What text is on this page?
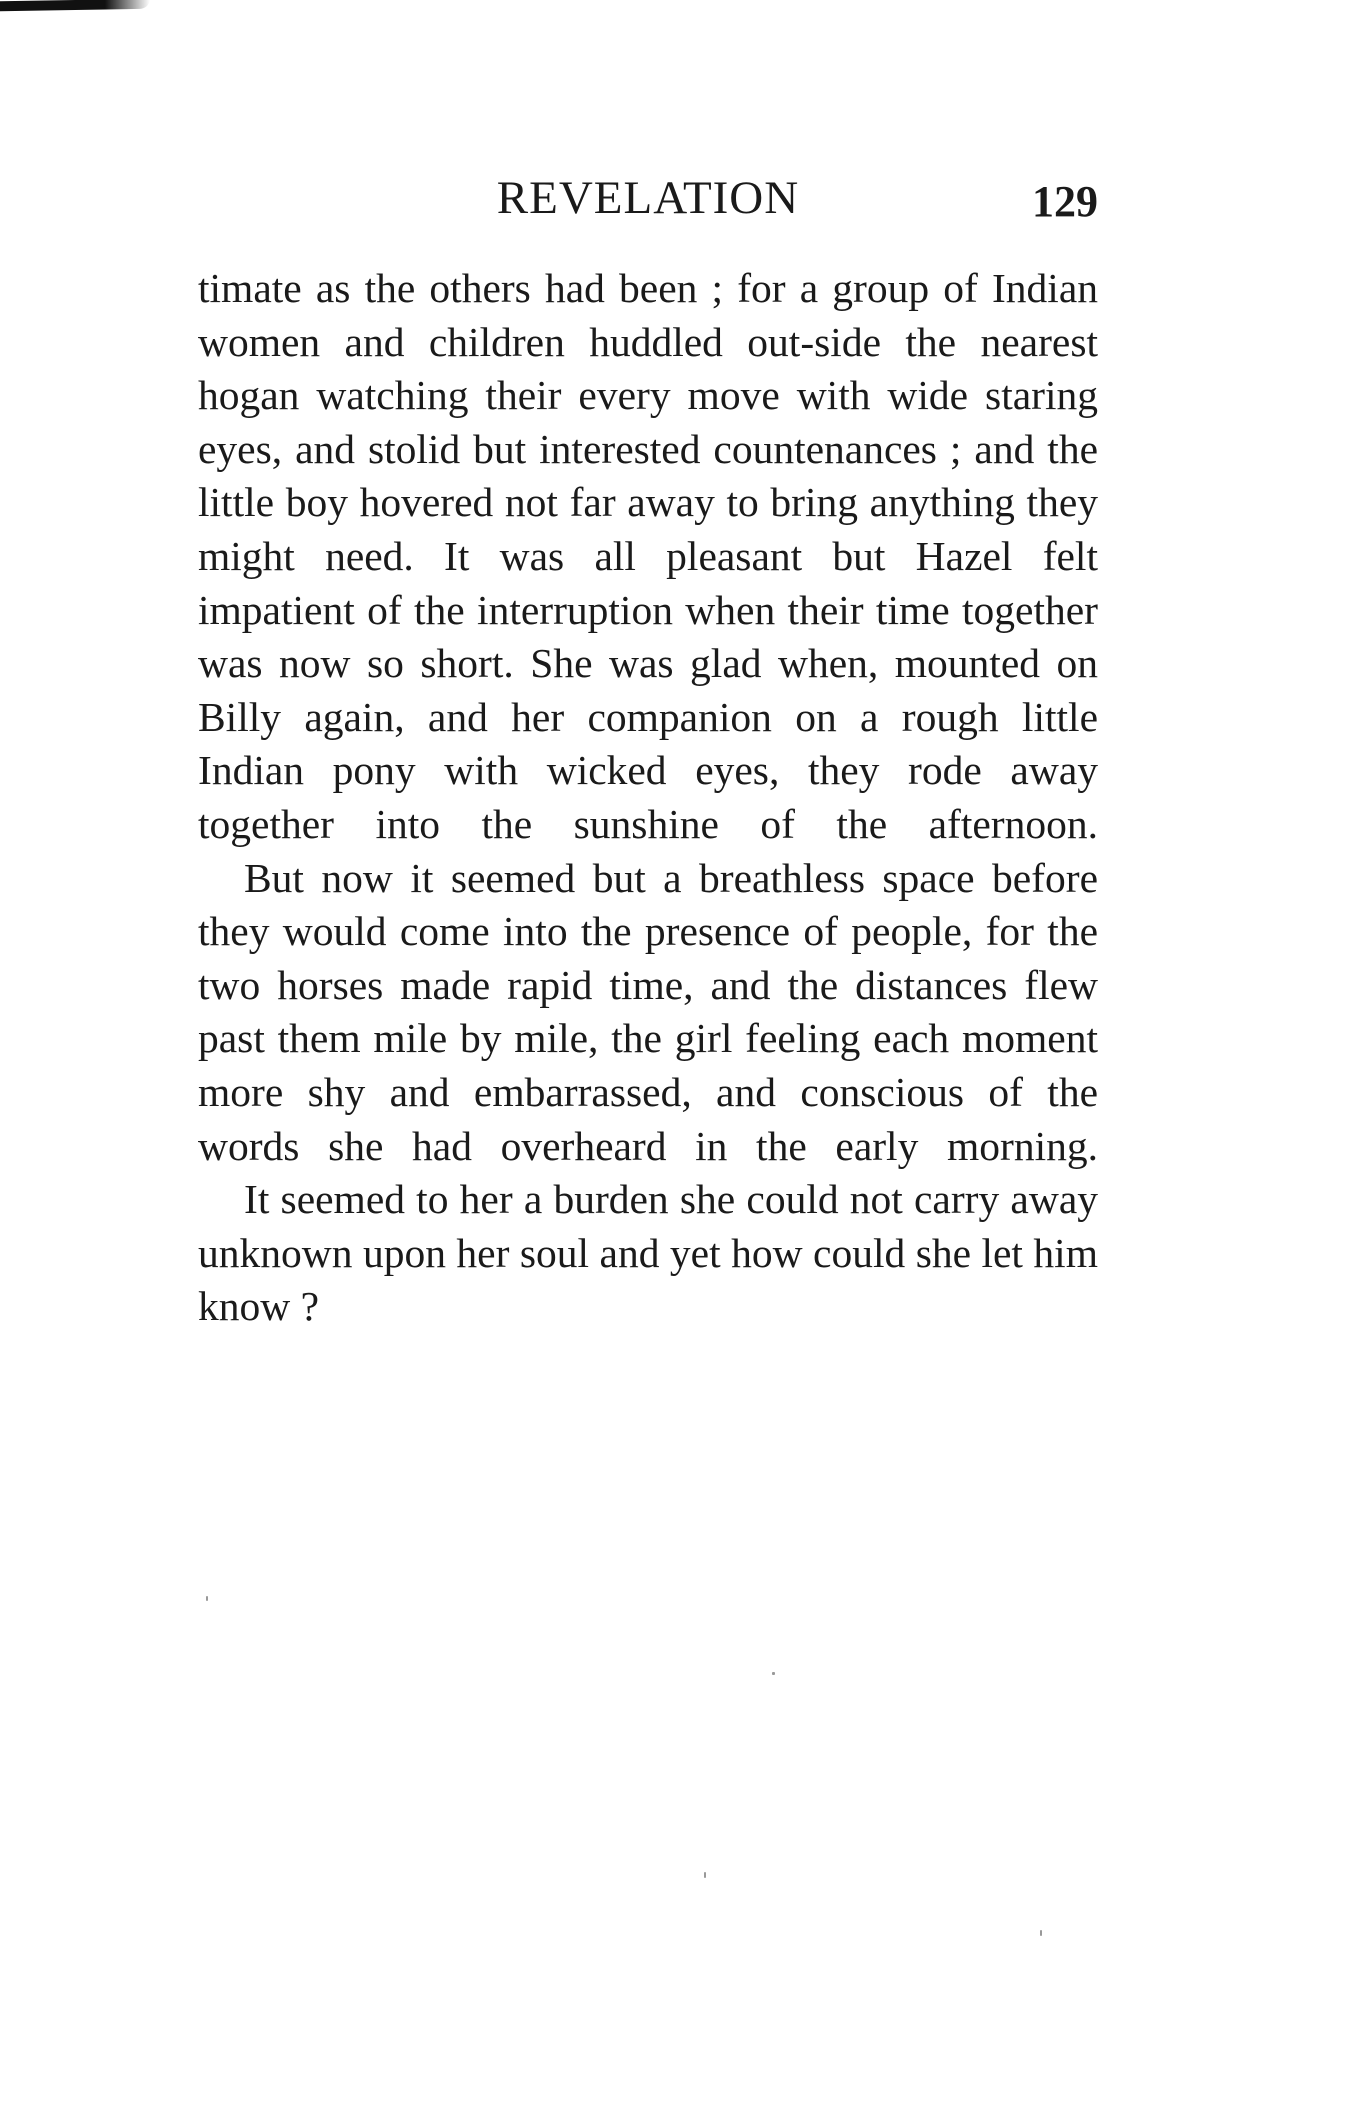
REVELATION	129

timate as the others had been ; for a group of Indian women and children huddled out-side the nearest hogan watching their every move with wide staring eyes, and stolid but interested countenances ; and the little boy hovered not far away to bring anything they might need. It was all pleasant but Hazel felt impatient of the interruption when their time together was now so short. She was glad when, mounted on Billy again, and her companion on a rough little Indian pony with wicked eyes, they rode away together into the sunshine of the afternoon.

But now it seemed but a breathless space before they would come into the presence of people, for the two horses made rapid time, and the distances flew past them mile by mile, the girl feeling each moment more shy and embarrassed, and conscious of the words she had overheard in the early morning.

It seemed to her a burden she could not carry away unknown upon her soul and yet how could she let him know ?
